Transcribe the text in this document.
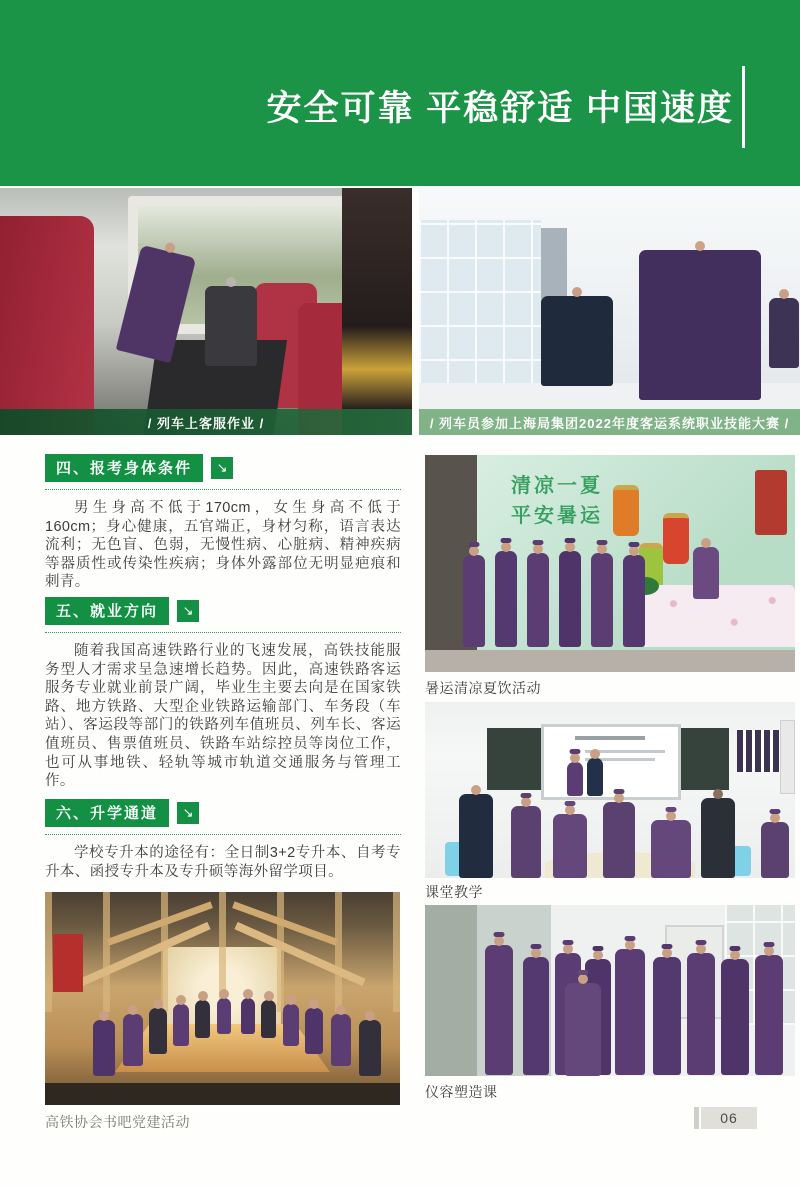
安全可靠 平稳舒适 中国速度
/ 列车上客服作业 /	/ 列车员参加上海局集团2022年度客运系统职业技能大赛 /
四、报考身体条件	↘

男生身高不低于170cm，女生身高不低于160cm；身心健康，五官端正，身材匀称，语言表达流利；无色盲、色弱，无慢性病、心脏病、精神疾病等器质性或传染性疾病；身体外露部位无明显疤痕和刺青。

五、就业方向	↘

随着我国高速铁路行业的飞速发展，高铁技能服务型人才需求呈急速增长趋势。因此，高速铁路客运服务专业就业前景广阔，毕业生主要去向是在国家铁路、地方铁路、大型企业铁路运输部门、车务段（车站）、客运段等部门的铁路列车值班员、列车长、客运值班员、售票值班员、铁路车站综控员等岗位工作，也可从事地铁、轻轨等城市轨道交通服务与管理工作。

六、升学通道	↘

学校专升本的途径有：全日制3+2专升本、自考专升本、函授专升本及专升硕等海外留学项目。

清凉一夏
平安暑运
暑运清凉夏饮活动
课堂教学
仪容塑造课
高铁协会书吧党建活动	06
